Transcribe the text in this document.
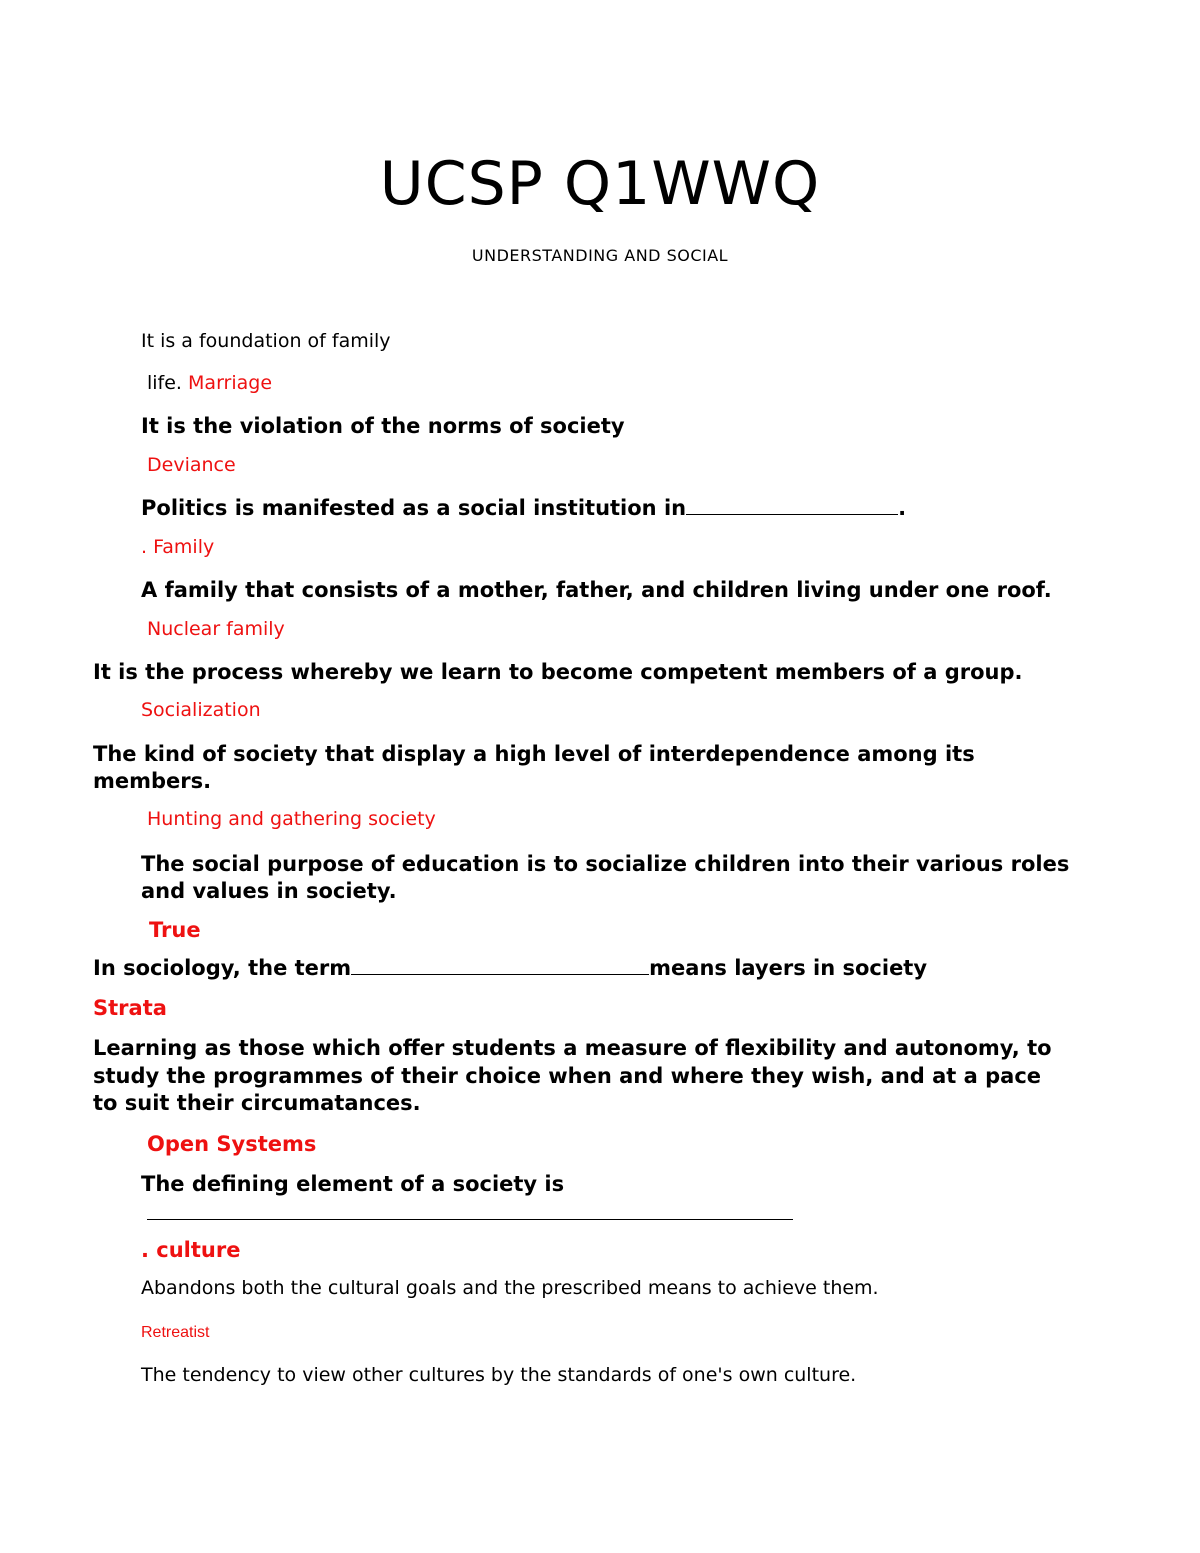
UCSP Q1WWQ
UNDERSTANDING AND SOCIAL
It is a foundation of family
life. Marriage
It is the violation of the norms of society
Deviance
Politics is manifested as a social institution in	.
. Family
A family that consists of a mother, father, and children living under one roof.
Nuclear family
It is the process whereby we learn to become competent members of a group.
Socialization
The kind of society that display a high level of interdependence among its members.
Hunting and gathering society
The social purpose of education is to socialize children into their various roles and values in society.
True
In sociology, the term	means layers in society
Strata
Learning as those which offer students a measure of flexibility and autonomy, to study the programmes of their choice when and where they wish, and at a pace to suit their circumatances.
Open Systems
The defining element of a society is
. culture
Abandons both the cultural goals and the prescribed means to achieve them.
Retreatist
The tendency to view other cultures by the standards of one's own culture.
